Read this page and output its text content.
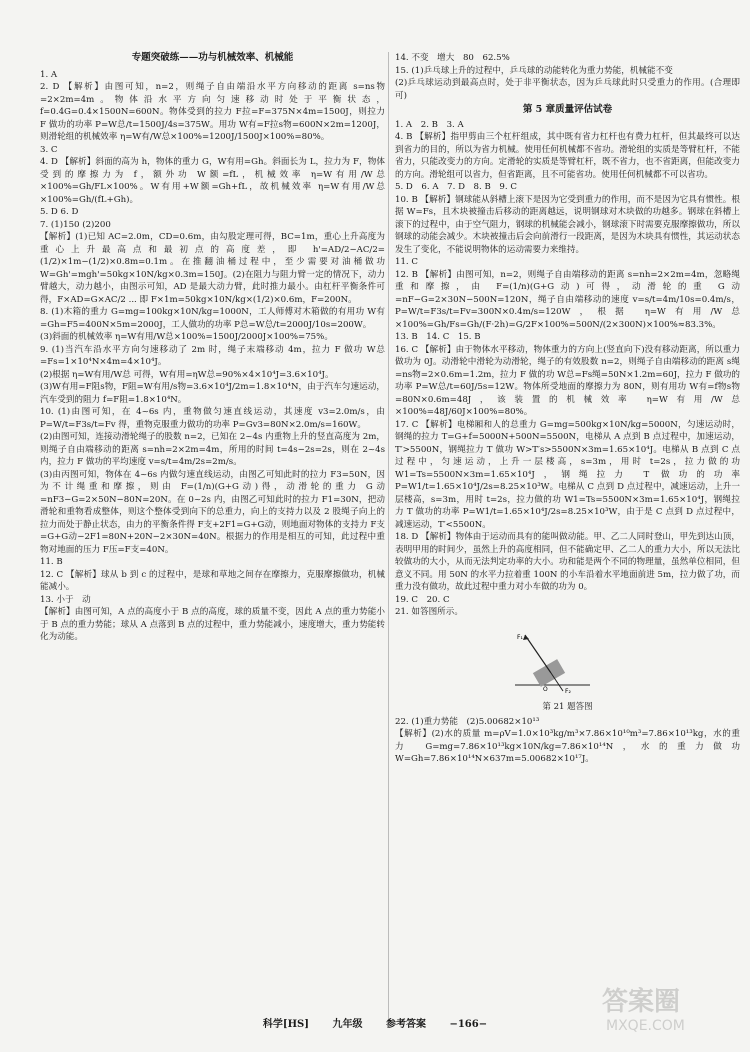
专题突破练——功与机械效率、机械能

1. A

2. D 【解析】由图可知，n=2，则绳子自由端沿水平方向移动的距离 s=ns物=2×2m=4m。物体沿水平方向匀速移动时处于平衡状态，f=0.4G=0.4×1500N=600N。物体受到的拉力 F拉=F=375N×4m=1500J，则拉力 F 做功的功率 P=W总/t=1500J/4s=375W。用功 W有=F拉s物=600N×2m=1200J，则滑轮组的机械效率 η=W有/W总×100%=1200J/1500J×100%=80%。

3. C

4. D 【解析】斜面的高为 h，物体的重力 G，W有用=Gh。斜面长为 L，拉力为 F，物体受到的摩擦力为 f，额外功 W额=fL，机械效率 η=W有用/W总×100%=Gh/FL×100%。W有用+W额=Gh+fL，故机械效率 η=W有用/W总×100%=Gh/(fL+Gh)。

5. D 6. D

7. (1)150 (2)200

【解析】(1)已知 AC=2.0m，CD=0.6m，由勾股定理可得，BC=1m，重心上升高度为重心上升最高点和最初点的高度差，即 h'=AD/2−AC/2=(1/2)×1m−(1/2)×0.8m=0.1m。在推翻油桶过程中，至少需要对油桶做功 W=Gh'=mgh'=50kg×10N/kg×0.3m=150J。(2)在阻力与阻力臂一定的情况下，动力臂越大，动力越小，由图示可知，AD 是最大动力臂，此时推力最小。由杠杆平衡条件可得，F×AD=G×AC/2 ... 即 F×1m=50kg×10N/kg×(1/2)×0.6m，F=200N。

8. (1)木箱的重力 G=mg=100kg×10N/kg=1000N，工人师傅对木箱做的有用功 W有=Gh=F5=400N×5m=2000J，工人做功的功率 P总=W总/t=2000J/10s=200W。

(3)斜面的机械效率 η=W有用/W总×100%=1500J/2000J×100%=75%。

9. (1)当汽车沿水平方向匀速移动了 2m 时，绳子末端移动 4m，拉力 F 做功 W总=Fs=1×10⁴N×4m=4×10⁴J。

(2)根据 η=W有用/W总 可得，W有用=ηW总=90%×4×10⁴J=3.6×10⁴J。

(3)W有用=F阻s物，F阻=W有用/s物=3.6×10⁴J/2m=1.8×10⁴N，由于汽车匀速运动，汽车受到的阻力 f=F阻=1.8×10⁴N。

10. (1)由图可知，在 4~6s 内，重物做匀速直线运动，其速度 v3=2.0m/s，由 P=W/t=F3s/t=Fv 得，重物克服重力做功的功率 P=Gv3=80N×2.0m/s=160W。

(2)由图可知，连接动滑轮绳子的股数 n=2，已知在 2~4s 内重物上升的竖直高度为 2m，则绳子自由端移动的距离 s=nh=2×2m=4m，所用的时间 t=4s−2s=2s，则在 2~4s 内，拉力 F 做功的平均速度 v=s/t=4m/2s=2m/s。

(3)由丙图可知，物体在 4~6s 内做匀速直线运动，由图乙可知此时的拉力 F3=50N，因为不计绳重和摩擦，则由 F=(1/n)(G+G动)得，动滑轮的重力 G动=nF3−G=2×50N−80N=20N。在 0~2s 内，由图乙可知此时的拉力 F1=30N，把动滑轮和重物看成整体，则这个整体受到向下的总重力，向上的支持力以及 2 股绳子向上的拉力而处于静止状态，由力的平衡条件得 F支+2F1=G+G动，则地面对物体的支持力 F支=G+G动−2F1=80N+20N−2×30N=40N。根据力的作用是相互的可知，此过程中重物对地面的压力 F压=F支=40N。

11. B

12. C 【解析】球从 b 到 c 的过程中，是球和草地之间存在摩擦力，克服摩擦做功，机械能减小。

13. 小于　动

【解析】由图可知，A 点的高度小于 B 点的高度，球的质量不变，因此 A 点的重力势能小于 B 点的重力势能；球从 A 点落到 B 点的过程中，重力势能减小，速度增大，重力势能转化为动能。

14. 不变　增大　80　62.5%

15. (1)乒乓球上升的过程中，乒乓球的动能转化为重力势能，机械能不变

(2)乒乓球运动到最高点时，处于非平衡状态，因为乒乓球此时只受重力的作用。(合理即可)

第 5 章质量评估试卷

1. A　2. B　3. A

4. B 【解析】指甲剪由三个杠杆组成，其中既有省力杠杆也有费力杠杆，但其最终可以达到省力的目的，所以为省力机械。使用任何机械都不省功。滑轮组的实质是等臂杠杆，不能省力，只能改变力的方向。定滑轮的实质是等臂杠杆，既不省力，也不省距离，但能改变力的方向。滑轮组可以省力，但省距离，且不可能省功。使用任何机械都不可以省功。

5. D　6. A　7. D　8. B　9. C

10. B 【解析】钢球能从斜槽上滚下是因为它受到重力的作用，而不是因为它具有惯性。根据 W=Fs，且木块被撞击后移动的距离越远，说明钢球对木块做的功越多。钢球在斜槽上滚下的过程中，由于空气阻力，钢球的机械能会减小，钢球滚下时需要克服摩擦做功，所以钢球的动能会减少。木块被撞击后会向前滑行一段距离，是因为木块具有惯性，其运动状态发生了变化，不能说明物体的运动需要力来维持。

11. C

12. B 【解析】由图可知，n=2，则绳子自由端移动的距离 s=nh=2×2m=4m，忽略绳重和摩擦，由 F=(1/n)(G+G动)可得，动滑轮的重 G动=nF−G=2×30N−500N=120N，绳子自由端移动的速度 v=s/t=4m/10s=0.4m/s，P=W/t=F3s/t=Fv=300N×0.4m/s=120W，根据 η=W有用/W总×100%=Gh/Fs=Gh/(F·2h)=G/2F×100%=500N/(2×300N)×100%≈83.3%。

13. B　14. C　15. B

16. C 【解析】由于物体水平移动，物体重力的方向上(竖直向下)没有移动距离，所以重力做功为 0J。动滑轮中滑轮为动滑轮，绳子的有效股数 n=2，则绳子自由端移动的距离 s绳=ns物=2×0.6m=1.2m，拉力 F 做的功 W总=Fs绳=50N×1.2m=60J，拉力 F 做功的功率 P=W总/t=60J/5s=12W。物体所受地面的摩擦力为 80N，则有用功 W有=f物s物=80N×0.6m=48J，该装置的机械效率 η=W有用/W总×100%=48J/60J×100%=80%。

17. C 【解析】电梯厢和人的总重力 G=mg=500kg×10N/kg=5000N，匀速运动时，钢绳的拉力 T=G+f=5000N+500N=5500N，电梯从 A 点到 B 点过程中，加速运动，T′>5500N，钢绳拉力 T 做功 W>T′s>5500N×3m=1.65×10⁴J。电梯从 B 点到 C 点过程中，匀速运动，上升一层楼高，s=3m，用时 t=2s，拉力做的功 W1=Ts=5500N×3m=1.65×10⁴J，钢绳拉力 T 做功的功率 P=W1/t=1.65×10⁴J/2s=8.25×10³W。电梯从 C 点到 D 点过程中，减速运动，上升一层楼高，s=3m，用时 t=2s，拉力做的功 W1=Ts=5500N×3m=1.65×10⁴J，钢绳拉力 T 做功的功率 P=W1/t=1.65×10⁴J/2s=8.25×10³W，由于是 C 点到 D 点过程中，减速运动，T′<5500N。

18. D 【解析】物体由于运动而具有的能叫做动能。甲、乙二人同时登山，甲先到达山顶，表明甲用的时间少，虽然上升的高度相同，但不能确定甲、乙二人的重力大小，所以无法比较做功的大小，从而无法判定功率的大小。功和能是两个不同的物理量，虽然单位相同，但意义不同。用 50N 的水平力拉着重 100N 的小车沿着水平地面前进 5m，拉力做了功，而重力没有做功，故此过程中重力对小车做的功为 0。

19. C　20. C

21. 如答图所示。

F₁
F₂
O
第 21 题答图

22. (1)重力势能　(2)5.00682×10¹³

【解析】(2)水的质量 m=ρV=1.0×10³kg/m³×7.86×10¹⁰m³=7.86×10¹³kg，水的重力 G=mg=7.86×10¹³kg×10N/kg=7.86×10¹⁴N，水的重力做功 W=Gh=7.86×10¹⁴N×637m=5.00682×10¹⁷J。

科学[HS] 九年级 参考答案 −166−
答案圈
MXQE.COM
